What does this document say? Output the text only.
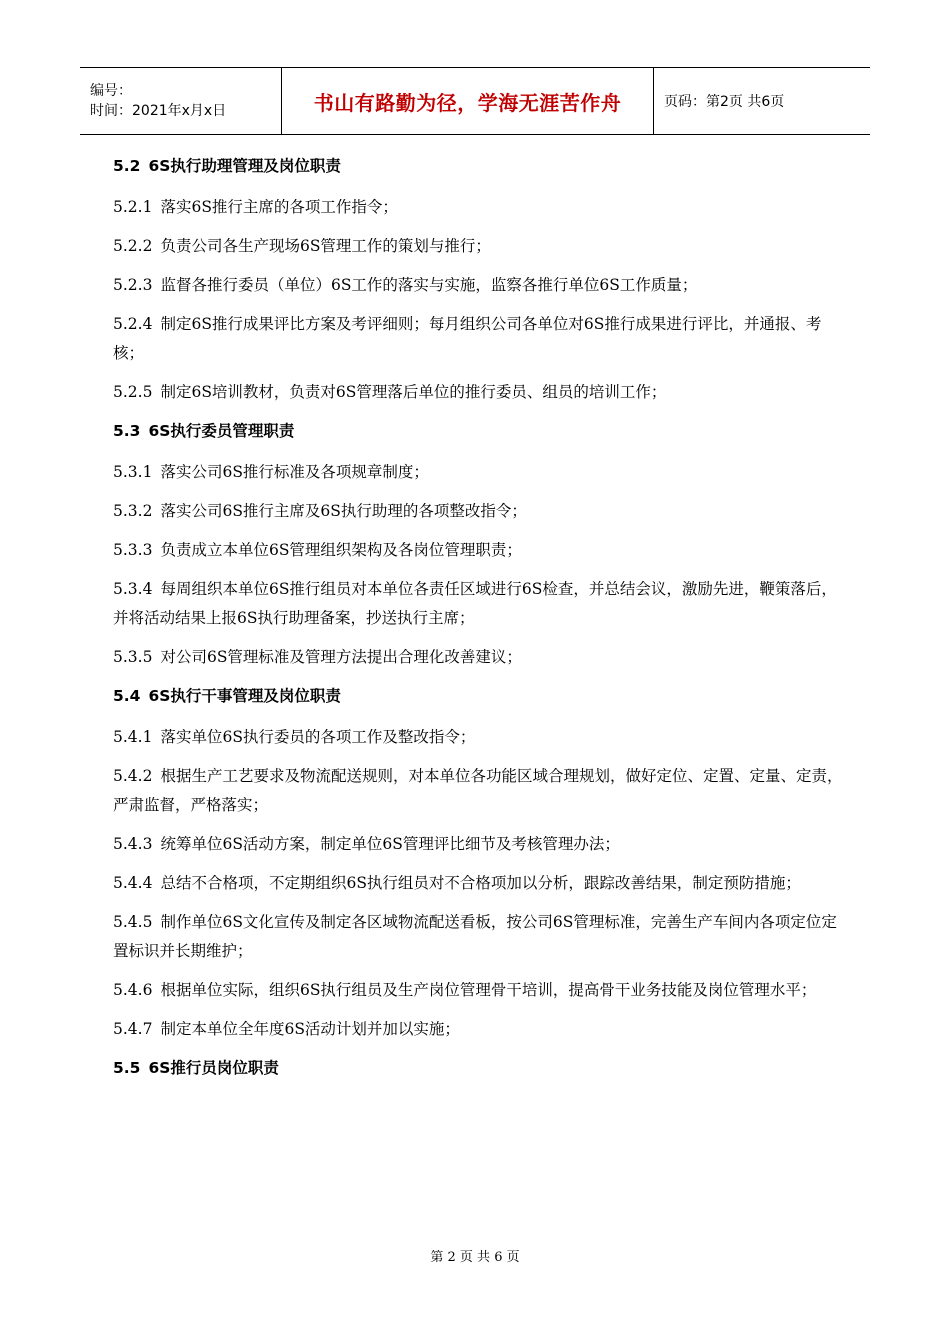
编号：
时间：2021年x月x日	书山有路勤为径，学海无涯苦作舟	页码：第2页 共6页
5.2 6S执行助理管理及岗位职责
5.2.1 落实6S推行主席的各项工作指令；
5.2.2 负责公司各生产现场6S管理工作的策划与推行；
5.2.3 监督各推行委员（单位）6S工作的落实与实施，监察各推行单位6S工作质量；
5.2.4 制定6S推行成果评比方案及考评细则；每月组织公司各单位对6S推行成果进行评比，并通报、考核；
5.2.5 制定6S培训教材，负责对6S管理落后单位的推行委员、组员的培训工作；
5.3 6S执行委员管理职责
5.3.1 落实公司6S推行标准及各项规章制度；
5.3.2 落实公司6S推行主席及6S执行助理的各项整改指令；
5.3.3 负责成立本单位6S管理组织架构及各岗位管理职责；
5.3.4 每周组织本单位6S推行组员对本单位各责任区域进行6S检查，并总结会议，激励先进，鞭策落后，并将活动结果上报6S执行助理备案，抄送执行主席；
5.3.5 对公司6S管理标准及管理方法提出合理化改善建议；
5.4 6S执行干事管理及岗位职责
5.4.1 落实单位6S执行委员的各项工作及整改指令；
5.4.2 根据生产工艺要求及物流配送规则，对本单位各功能区域合理规划，做好定位、定置、定量、定责，严肃监督，严格落实；
5.4.3 统筹单位6S活动方案，制定单位6S管理评比细节及考核管理办法；
5.4.4 总结不合格项，不定期组织6S执行组员对不合格项加以分析，跟踪改善结果，制定预防措施；
5.4.5 制作单位6S文化宣传及制定各区域物流配送看板，按公司6S管理标准，完善生产车间内各项定位定置标识并长期维护；
5.4.6 根据单位实际，组织6S执行组员及生产岗位管理骨干培训，提高骨干业务技能及岗位管理水平；
5.4.7 制定本单位全年度6S活动计划并加以实施；
5.5 6S推行员岗位职责
第 2 页 共 6 页
